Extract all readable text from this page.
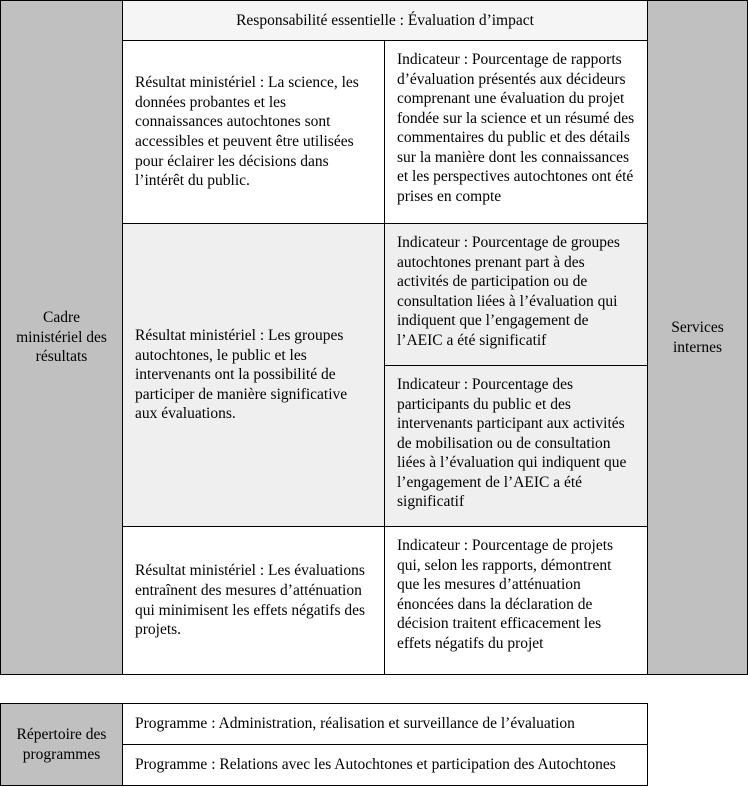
Cadre ministériel des résultats
Responsabilité essentielle : Évaluation d’impact
Services internes
Résultat ministériel : La science, les données probantes et les connaissances autochtones sont accessibles et peuvent être utilisées pour éclairer les décisions dans l’intérêt du public.
Indicateur : Pourcentage de rapports d’évaluation présentés aux décideurs comprenant une évaluation du projet fondée sur la science et un résumé des commentaires du public et des détails sur la manière dont les connaissances et les perspectives autochtones ont été prises en compte
Résultat ministériel : Les groupes autochtones, le public et les intervenants ont la possibilité de participer de manière significative aux évaluations.
Indicateur : Pourcentage de groupes autochtones prenant part à des activités de participation ou de consultation liées à l’évaluation qui indiquent que l’engagement de l’AEIC a été significatif
Indicateur : Pourcentage des participants du public et des intervenants participant aux activités de mobilisation ou de consultation liées à l’évaluation qui indiquent que l’engagement de l’AEIC a été significatif
Résultat ministériel : Les évaluations entraînent des mesures d’atténuation qui minimisent les effets négatifs des projets.
Indicateur : Pourcentage de projets qui, selon les rapports, démontrent que les mesures d’atténuation énoncées dans la déclaration de décision traitent efficacement les effets négatifs du projet
Répertoire des programmes
Programme : Administration, réalisation et surveillance de l’évaluation
Programme : Relations avec les Autochtones et participation des Autochtones
